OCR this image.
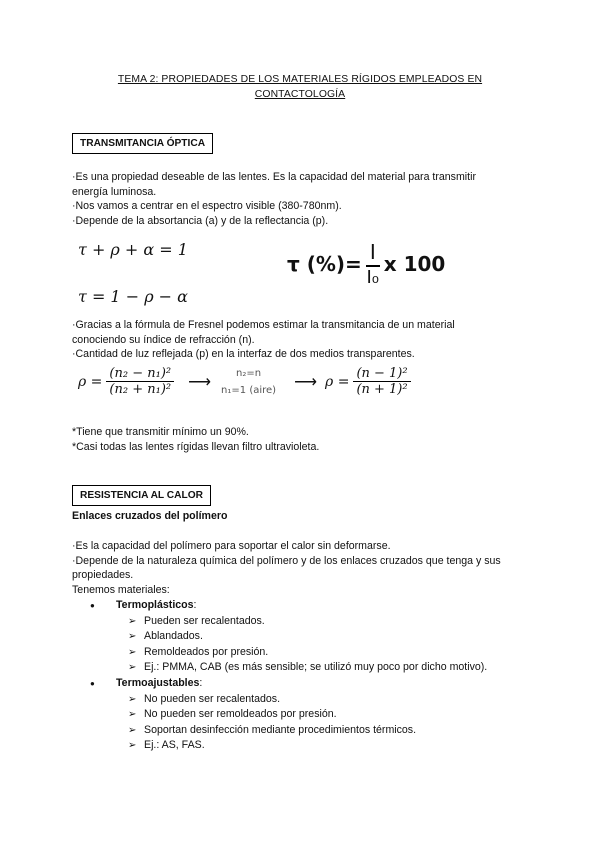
TEMA 2: PROPIEDADES DE LOS MATERIALES RÍGIDOS EMPLEADOS EN
CONTACTOLOGÍA
TRANSMITANCIA ÓPTICA
·Es una propiedad deseable de las lentes. Es la capacidad del material para transmitir
energía luminosa.
·Nos vamos a centrar en el espectro visible (380-780nm).
·Depende de la absortancia (a) y de la reflectancia (p).
τ + ρ + α = 1
τ = 1 − ρ − α
τ (%)= $\frac{I}{\text{I₀}}$ x 100
·Gracias a la fórmula de Fresnel podemos estimar la transmitancia de un material
conociendo su índice de refracción (n).
·Cantidad de luz reflejada (p) en la interfaz de dos medios transparentes.
$\rho = \frac{\text{(n₂ − n₁)²}}{\text{(n₂ + n₁)²}}$ ⟶
n₂=n
n₁=1 (aire) ⟶ $\rho = \frac{\text{(n − 1)²}}{\text{(n + 1)²}}$
*Tiene que transmitir mínimo un 90%.
*Casi todas las lentes rígidas llevan filtro ultravioleta.
RESISTENCIA AL CALOR
Enlaces cruzados del polímero
·Es la capacidad del polímero para soportar el calor sin deformarse.
·Depende de la naturaleza química del polímero y de los enlaces cruzados que tenga y sus
propiedades.
Tenemos materiales:
● Termoplásticos:
➢ Pueden ser recalentados.
➢ Ablandados.
➢ Remoldeados por presión.
➢ Ej.: PMMA, CAB (es más sensible; se utilizó muy poco por dicho motivo).
● Termoajustables:
➢ No pueden ser recalentados.
➢ No pueden ser remoldeados por presión.
➢ Soportan desinfección mediante procedimientos térmicos.
➢ Ej.: AS, FAS.
